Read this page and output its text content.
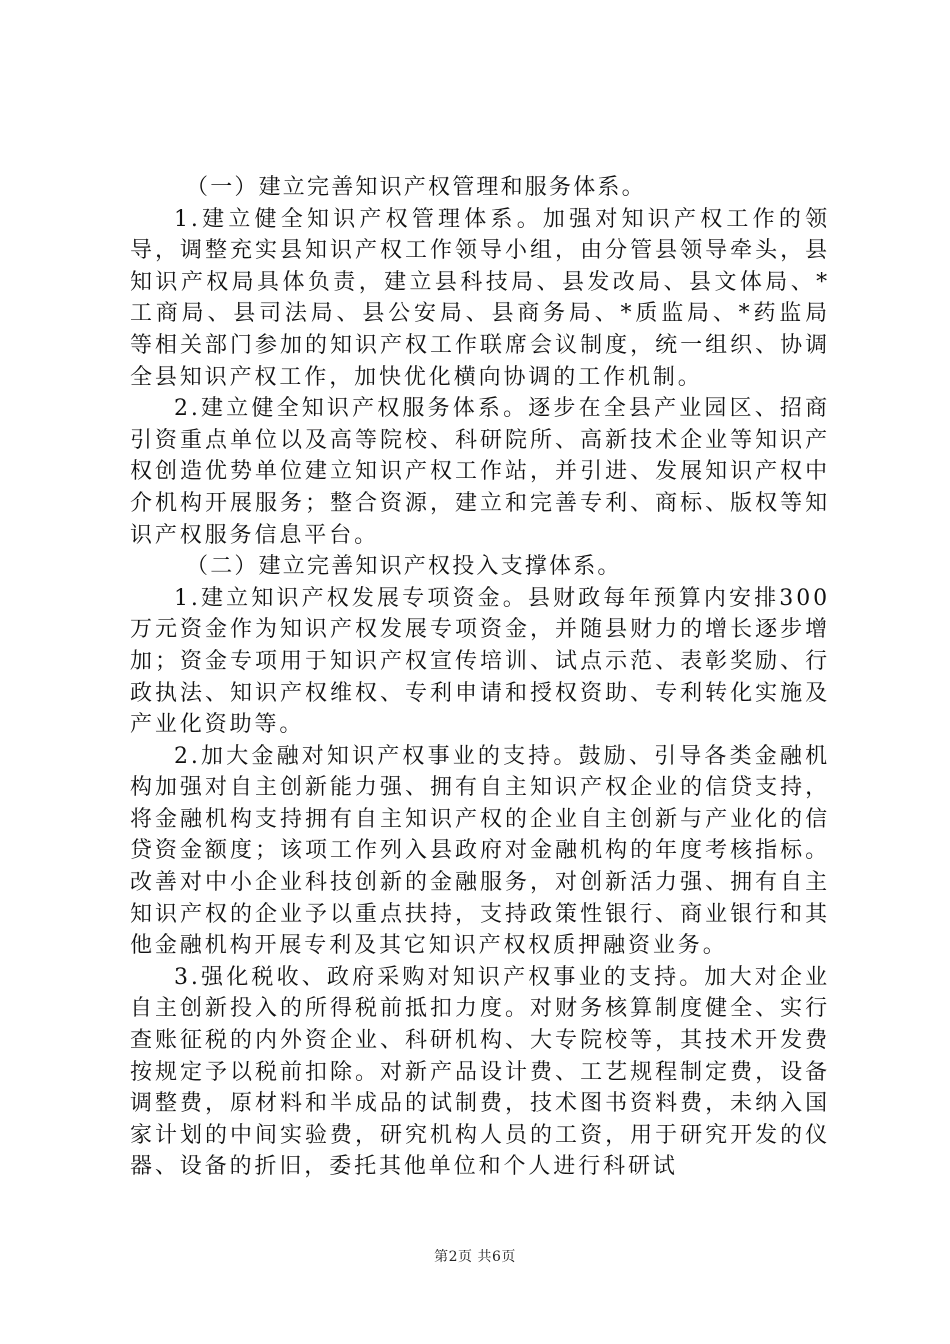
（一）建立完善知识产权管理和服务体系。

1.建立健全知识产权管理体系。加强对知识产权工作的领导，调整充实县知识产权工作领导小组，由分管县领导牵头，县知识产权局具体负责，建立县科技局、县发改局、县文体局、*工商局、县司法局、县公安局、县商务局、*质监局、*药监局等相关部门参加的知识产权工作联席会议制度，统一组织、协调全县知识产权工作，加快优化横向协调的工作机制。

2.建立健全知识产权服务体系。逐步在全县产业园区、招商引资重点单位以及高等院校、科研院所、高新技术企业等知识产权创造优势单位建立知识产权工作站，并引进、发展知识产权中介机构开展服务；整合资源，建立和完善专利、商标、版权等知识产权服务信息平台。

（二）建立完善知识产权投入支撑体系。

1.建立知识产权发展专项资金。县财政每年预算内安排300万元资金作为知识产权发展专项资金，并随县财力的增长逐步增加；资金专项用于知识产权宣传培训、试点示范、表彰奖励、行政执法、知识产权维权、专利申请和授权资助、专利转化实施及产业化资助等。

2.加大金融对知识产权事业的支持。鼓励、引导各类金融机构加强对自主创新能力强、拥有自主知识产权企业的信贷支持，将金融机构支持拥有自主知识产权的企业自主创新与产业化的信贷资金额度；该项工作列入县政府对金融机构的年度考核指标。改善对中小企业科技创新的金融服务，对创新活力强、拥有自主知识产权的企业予以重点扶持，支持政策性银行、商业银行和其他金融机构开展专利及其它知识产权权质押融资业务。

3.强化税收、政府采购对知识产权事业的支持。加大对企业自主创新投入的所得税前抵扣力度。对财务核算制度健全、实行查账征税的内外资企业、科研机构、大专院校等，其技术开发费按规定予以税前扣除。对新产品设计费、工艺规程制定费，设备调整费，原材料和半成品的试制费，技术图书资料费，未纳入国家计划的中间实验费，研究机构人员的工资，用于研究开发的仪器、设备的折旧，委托其他单位和个人进行科研试

第2页 共6页
